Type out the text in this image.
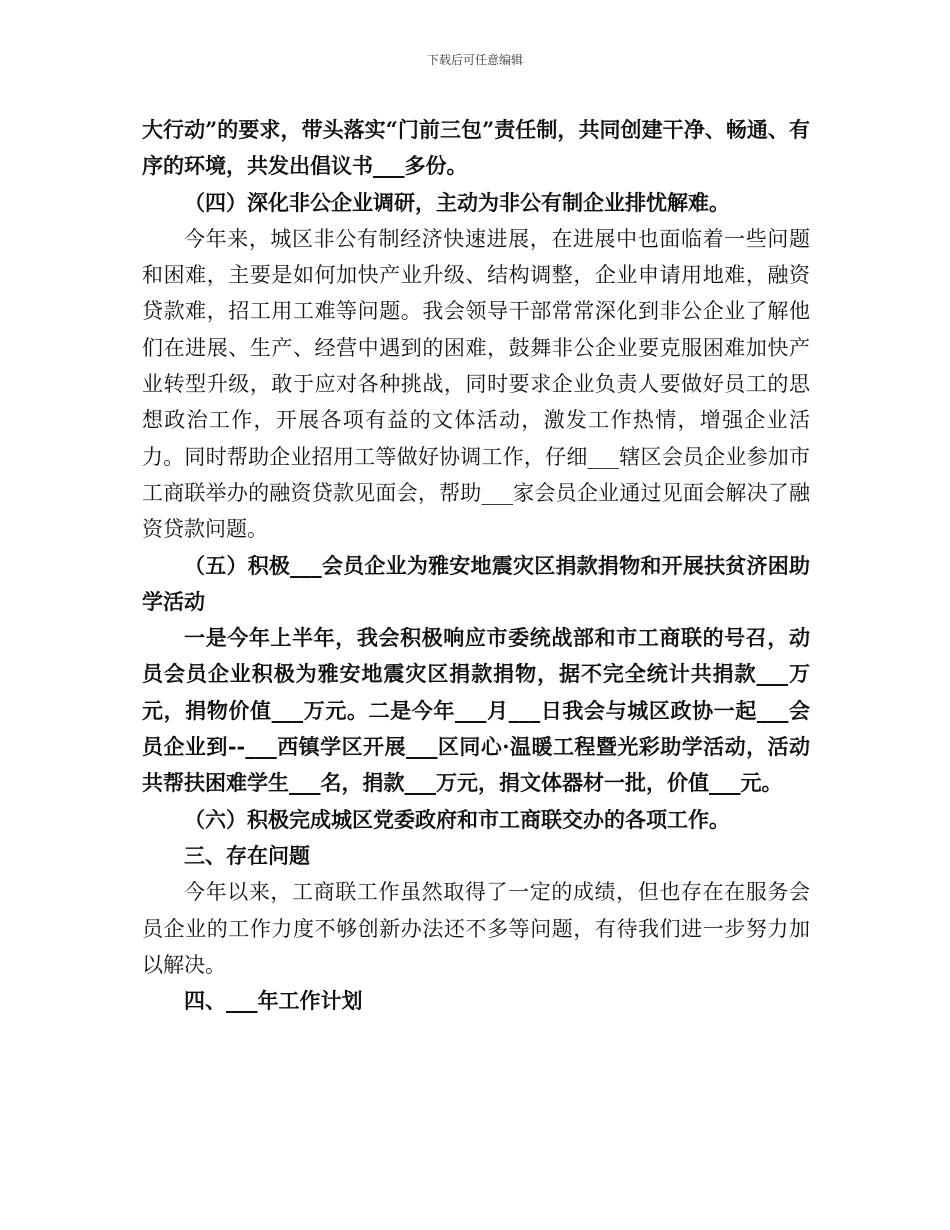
下载后可任意编辑

大行动”的要求，带头落实“门前三包”责任制，共同创建干净、畅通、有序的环境，共发出倡议书___多份。

（四）深化非公企业调研，主动为非公有制企业排忧解难。

今年来，城区非公有制经济快速进展，在进展中也面临着一些问题和困难，主要是如何加快产业升级、结构调整，企业申请用地难，融资贷款难，招工用工难等问题。我会领导干部常常深化到非公企业了解他们在进展、生产、经营中遇到的困难，鼓舞非公企业要克服困难加快产业转型升级，敢于应对各种挑战，同时要求企业负责人要做好员工的思想政治工作，开展各项有益的文体活动，激发工作热情，增强企业活力。同时帮助企业招用工等做好协调工作，仔细___辖区会员企业参加市工商联举办的融资贷款见面会，帮助___家会员企业通过见面会解决了融资贷款问题。

（五）积极___会员企业为雅安地震灾区捐款捐物和开展扶贫济困助学活动

一是今年上半年，我会积极响应市委统战部和市工商联的号召，动员会员企业积极为雅安地震灾区捐款捐物，据不完全统计共捐款___万元，捐物价值___万元。二是今年___月___日我会与城区政协一起___会员企业到--___西镇学区开展___区同心·温暖工程暨光彩助学活动，活动共帮扶困难学生___名，捐款___万元，捐文体器材一批，价值___元。

（六）积极完成城区党委政府和市工商联交办的各项工作。

三、存在问题

今年以来，工商联工作虽然取得了一定的成绩，但也存在在服务会员企业的工作力度不够创新办法还不多等问题，有待我们进一步努力加以解决。

四、___年工作计划
